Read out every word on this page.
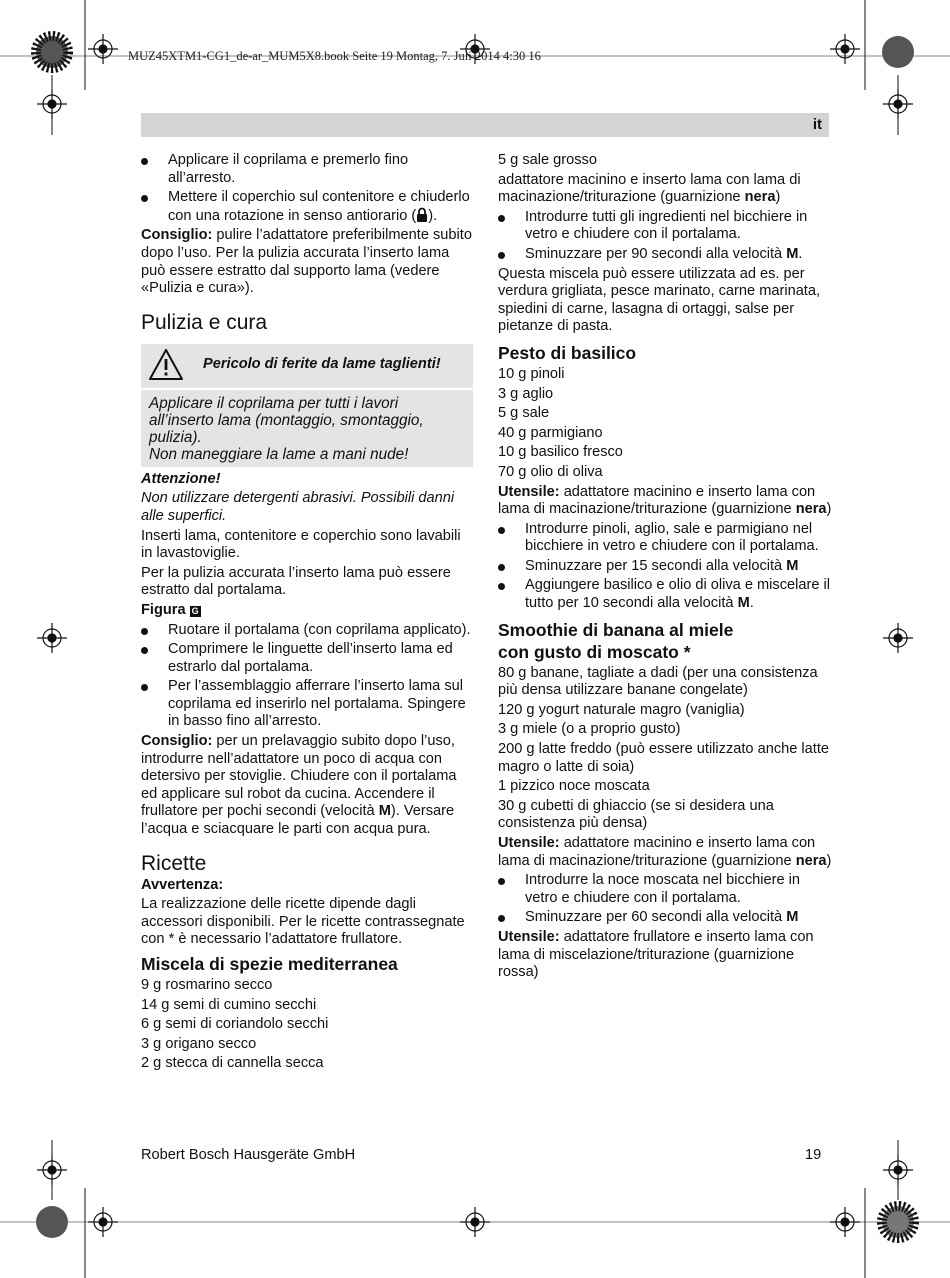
MUZ45XTM1-CG1_de-ar_MUM5X8.book Seite 19 Montag, 7. Juli 2014 4:30 16
it
Applicare il coprilama e premerlo fino all’arresto.
Mettere il coperchio sul contenitore e chiuderlo con una rotazione in senso antiorario ( ).

Consiglio: pulire l’adattatore preferibilmente subito dopo l’uso. Per la pulizia accurata l’inserto lama può essere estratto dal supporto lama (vedere «Pulizia e cura»).

Pulizia e cura
Pericolo di ferite da lame taglienti!
Applicare il coprilama per tutti i lavori all’inserto lama (montaggio, smontaggio, pulizia).
Non maneggiare la lame a mani nude!

Attenzione!

Non utilizzare detergenti abrasivi. Possibili danni alle superfici.

Inserti lama, contenitore e coperchio sono lavabili in lavastoviglie.

Per la pulizia accurata l’inserto lama può essere estratto dal portalama.

Figura G

Ruotare il portalama (con coprilama applicato).
Comprimere le linguette dell’inserto lama ed estrarlo dal portalama.
Per l’assemblaggio afferrare l’inserto lama sul coprilama ed inserirlo nel portalama. Spingere in basso fino all’arresto.

Consiglio: per un prelavaggio subito dopo l’uso, introdurre nell’adattatore un poco di acqua con detersivo per stoviglie. Chiudere con il portalama ed applicare sul robot da cucina. Accendere il frullatore per pochi secondi (velocità M). Versare l’acqua e sciacquare le parti con acqua pura.

Ricette

Avvertenza:

La realizzazione delle ricette dipende dagli accessori disponibili. Per le ricette contrassegnate con * è necessario l’adattatore frullatore.

Miscela di spezie mediterranea

9 g rosmarino secco

14 g semi di cumino secchi

6 g semi di coriandolo secchi

3 g origano secco

2 g stecca di cannella secca

5 g sale grosso

adattatore macinino e inserto lama con lama di macinazione/triturazione (guarnizione nera)

Introdurre tutti gli ingredienti nel bicchiere in vetro e chiudere con il portalama.
Sminuzzare per 90 secondi alla velocità M.

Questa miscela può essere utilizzata ad es. per verdura grigliata, pesce marinato, carne marinata, spiedini di carne, lasagna di ortaggi, salse per pietanze di pasta.

Pesto di basilico

10 g pinoli

3 g aglio

5 g sale

40 g parmigiano

10 g basilico fresco

70 g olio di oliva

Utensile: adattatore macinino e inserto lama con lama di macinazione/triturazione (guarnizione nera)

Introdurre pinoli, aglio, sale e parmigiano nel bicchiere in vetro e chiudere con il portalama.
Sminuzzare per 15 secondi alla velocità M
Aggiungere basilico e olio di oliva e miscelare il tutto per 10 secondi alla velocità M.
Smoothie di banana al miele
con gusto di moscato *

80 g banane, tagliate a dadi (per una consistenza più densa utilizzare banane congelate)

120 g yogurt naturale magro (vaniglia)

3 g miele (o a proprio gusto)

200 g latte freddo (può essere utilizzato anche latte magro o latte di soia)

1 pizzico noce moscata

30 g cubetti di ghiaccio (se si desidera una consistenza più densa)

Utensile: adattatore macinino e inserto lama con lama di macinazione/triturazione (guarnizione nera)

Introdurre la noce moscata nel bicchiere in vetro e chiudere con il portalama.
Sminuzzare per 60 secondi alla velocità M

Utensile: adattatore frullatore e inserto lama con lama di miscelazione/triturazione (guarnizione rossa)

Robert Bosch Hausgeräte GmbH	19
